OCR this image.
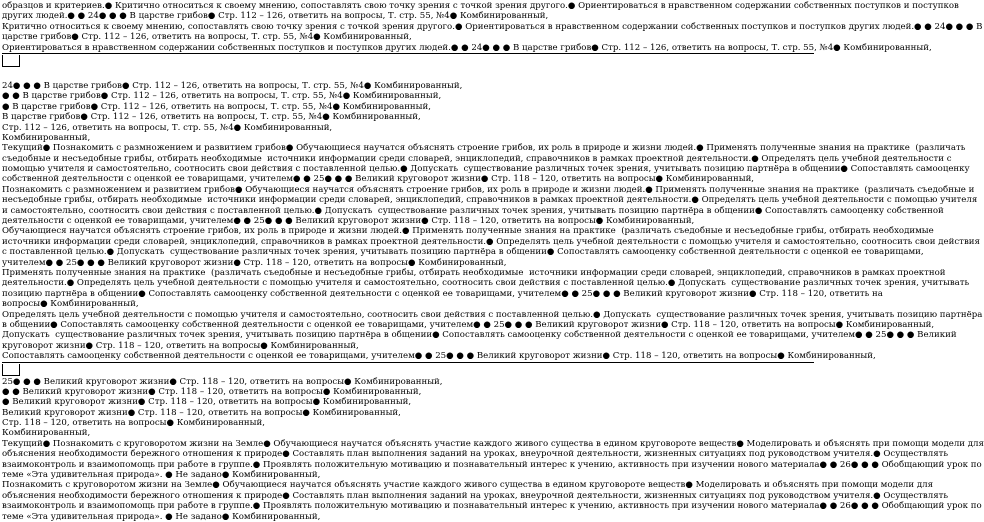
образцов и критериев.● Критично относиться к своему мнению, сопоставлять свою точку зрения с точкой зрения другого.● Ориентироваться в нравственном содержании собственных поступков и поступков
других людей.● ● 24● ● ● В царстве грибов● Стр. 112 – 126, ответить на вопросы, Т. стр. 55, №4● Комбинированный,
Критично относиться к своему мнению, сопоставлять свою точку зрения с точкой зрения другого.● Ориентироваться в нравственном содержании собственных поступков и поступков других людей.● ● 24● ● ● В
царстве грибов● Стр. 112 – 126, ответить на вопросы, Т. стр. 55, №4● Комбинированный,
Ориентироваться в нравственном содержании собственных поступков и поступков других людей.● ● 24● ● ● В царстве грибов● Стр. 112 – 126, ответить на вопросы, Т. стр. 55, №4● Комбинированный,
24● ● ● В царстве грибов● Стр. 112 – 126, ответить на вопросы, Т. стр. 55, №4● Комбинированный,
● ● В царстве грибов● Стр. 112 – 126, ответить на вопросы, Т. стр. 55, №4● Комбинированный,
● В царстве грибов● Стр. 112 – 126, ответить на вопросы, Т. стр. 55, №4● Комбинированный,
В царстве грибов● Стр. 112 – 126, ответить на вопросы, Т. стр. 55, №4● Комбинированный,
Стр. 112 – 126, ответить на вопросы, Т. стр. 55, №4● Комбинированный,
Комбинированный,
Текущий● Познакомить с размножением и развитием грибов● Обучающиеся научатся объяснять строение грибов, их роль в природе и жизни людей.● Применять полученные знания на практике  (различать
съедобные и несъедобные грибы, отбирать необходимые  источники информации среди словарей, энциклопедий, справочников в рамках проектной деятельности.● Определять цель учебной деятельности с
помощью учителя и самостоятельно, соотносить свои действия с поставленной целью.● Допускать  существование различных точек зрения, учитывать позицию партнёра в общении● Сопоставлять самооценку
собственной деятельности с оценкой ее товарищами, учителем● ● 25● ● ● Великий круговорот жизни● Стр. 118 – 120, ответить на вопросы● Комбинированный,
Познакомить с размножением и развитием грибов● Обучающиеся научатся объяснять строение грибов, их роль в природе и жизни людей.● Применять полученные знания на практике  (различать съедобные и
несъедобные грибы, отбирать необходимые  источники информации среди словарей, энциклопедий, справочников в рамках проектной деятельности.● Определять цель учебной деятельности с помощью учителя
и самостоятельно, соотносить свои действия с поставленной целью.● Допускать  существование различных точек зрения, учитывать позицию партнёра в общении● Сопоставлять самооценку собственной
деятельности с оценкой ее товарищами, учителем● ● 25● ● ● Великий круговорот жизни● Стр. 118 – 120, ответить на вопросы● Комбинированный,
Обучающиеся научатся объяснять строение грибов, их роль в природе и жизни людей.● Применять полученные знания на практике  (различать съедобные и несъедобные грибы, отбирать необходимые
источники информации среди словарей, энциклопедий, справочников в рамках проектной деятельности.● Определять цель учебной деятельности с помощью учителя и самостоятельно, соотносить свои действия
с поставленной целью.● Допускать  существование различных точек зрения, учитывать позицию партнёра в общении● Сопоставлять самооценку собственной деятельности с оценкой ее товарищами,
учителем● ● 25● ● ● Великий круговорот жизни● Стр. 118 – 120, ответить на вопросы● Комбинированный,
Применять полученные знания на практике  (различать съедобные и несъедобные грибы, отбирать необходимые  источники информации среди словарей, энциклопедий, справочников в рамках проектной
деятельности.● Определять цель учебной деятельности с помощью учителя и самостоятельно, соотносить свои действия с поставленной целью.● Допускать  существование различных точек зрения, учитывать
позицию партнёра в общении● Сопоставлять самооценку собственной деятельности с оценкой ее товарищами, учителем● ● 25● ● ● Великий круговорот жизни● Стр. 118 – 120, ответить на
вопросы● Комбинированный,
Определять цель учебной деятельности с помощью учителя и самостоятельно, соотносить свои действия с поставленной целью.● Допускать  существование различных точек зрения, учитывать позицию партнёра
в общении● Сопоставлять самооценку собственной деятельности с оценкой ее товарищами, учителем● ● 25● ● ● Великий круговорот жизни● Стр. 118 – 120, ответить на вопросы● Комбинированный,
Допускать  существование различных точек зрения, учитывать позицию партнёра в общении● Сопоставлять самооценку собственной деятельности с оценкой ее товарищами, учителем● ● 25● ● ● Великий
круговорот жизни● Стр. 118 – 120, ответить на вопросы● Комбинированный,
Сопоставлять самооценку собственной деятельности с оценкой ее товарищами, учителем● ● 25● ● ● Великий круговорот жизни● Стр. 118 – 120, ответить на вопросы● Комбинированный,
25● ● ● Великий круговорот жизни● Стр. 118 – 120, ответить на вопросы● Комбинированный,
● ● Великий круговорот жизни● Стр. 118 – 120, ответить на вопросы● Комбинированный,
● Великий круговорот жизни● Стр. 118 – 120, ответить на вопросы● Комбинированный,
Великий круговорот жизни● Стр. 118 – 120, ответить на вопросы● Комбинированный,
Стр. 118 – 120, ответить на вопросы● Комбинированный,
Комбинированный,
Текущий● Познакомить с круговоротом жизни на Земле● Обучающиеся научатся объяснять участие каждого живого существа в едином круговороте веществ● Моделировать и объяснять при помощи модели для
объяснения необходимости бережного отношения к природе● Составлять план выполнения заданий на уроках, внеурочной деятельности, жизненных ситуациях под руководством учителя.● Осуществлять
взаимоконтроль и взаимопомощь при работе в группе.● Проявлять положительную мотивацию и познавательный интерес к учению, активность при изучении нового материала● ● 26● ● ● Обобщающий урок по
теме «Эта удивительная природа». ● Не задано● Комбинированный,
Познакомить с круговоротом жизни на Земле● Обучающиеся научатся объяснять участие каждого живого существа в едином круговороте веществ● Моделировать и объяснять при помощи модели для
объяснения необходимости бережного отношения к природе● Составлять план выполнения заданий на уроках, внеурочной деятельности, жизненных ситуациях под руководством учителя.● Осуществлять
взаимоконтроль и взаимопомощь при работе в группе.● Проявлять положительную мотивацию и познавательный интерес к учению, активность при изучении нового материала● ● 26● ● ● Обобщающий урок по
теме «Эта удивительная природа». ● Не задано● Комбинированный,
